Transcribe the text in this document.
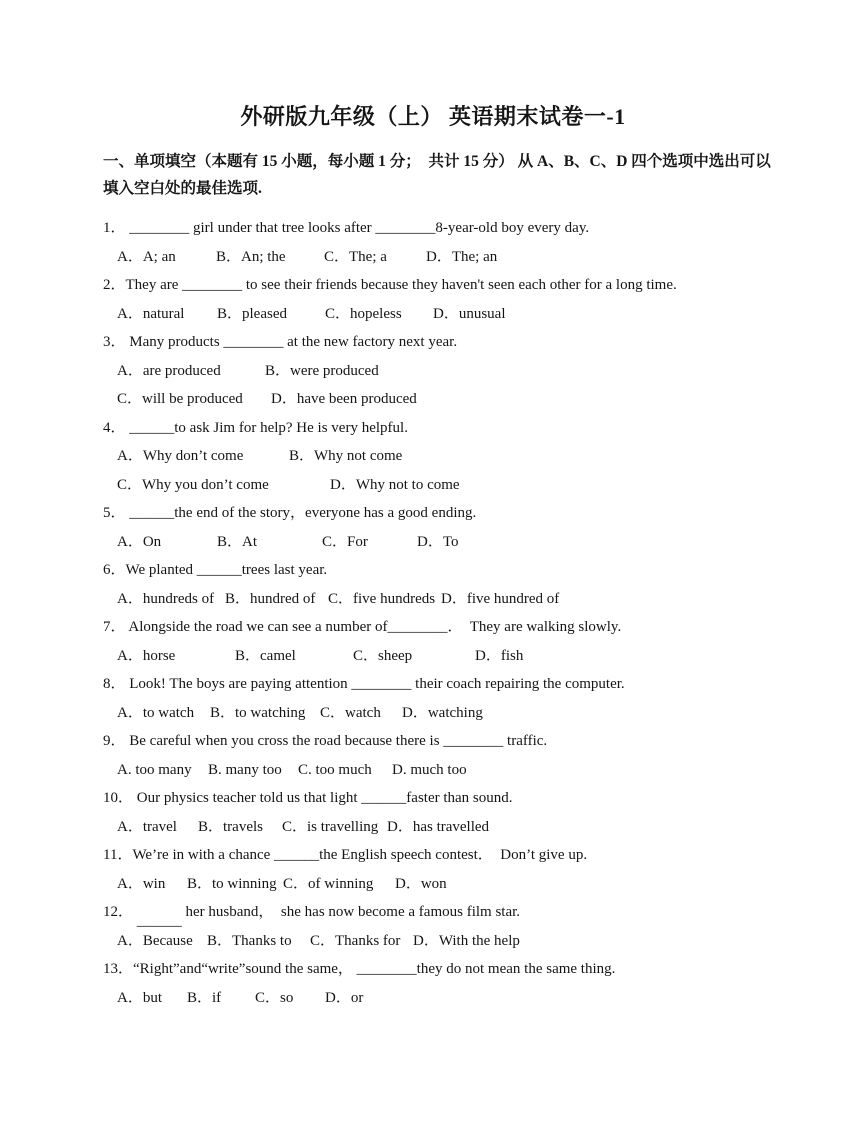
外研版九年级（上） 英语期末试卷一-1
一、单项填空（本题有 15 小题，每小题 1 分；  共计 15 分） 从 A、B、C、D 四个选项中选出可以填入空白处的最佳选项.
1． ________ girl under that tree looks after ________8-year-old boy every day.
A．A; an	B．An; the	C．The; a	D．The; an
2．They are ________ to see their friends because they haven't seen each other for a long time.
A．natural B．pleased	C．hopeless D．unusual
3． Many products ________ at the new factory next year.
A．are produced	B．were produced
C．will be produced D．have been produced
4． ______to ask Jim for help? He is very helpful.
A．Why don’t come	B．Why not come
C．Why you don’t come	D．Why not to come
5． ______the end of the story，everyone has a good ending.
A．On	B．At	C．For	D．To
6．We planted ______trees last year.
A．hundreds of B．hundred of C．five hundreds D．five hundred of
7． Alongside the road we can see a number of________．  They are walking slowly.
A．horse	B．camel	C．sheep	D．fish
8． Look! The boys are paying attention ________ their coach repairing the computer.
A．to watch B．to watching C．watch D．watching
9． Be careful when you cross the road because there is ________ traffic.
A. too many B. many too C. too much D. much too
10． Our physics teacher told us that light ______faster than sound.
A．travel B．travels C．is travelling D．has travelled
11．We’re in with a chance ______the English speech contest．  Don’t give up.
A．win B．to winning C．of winning D．won
12． ______ her husband，  she has now become a famous film star.
A．Because B．Thanks to C．Thanks for D．With the help
13．“Right”and“write”sound the same， ________they do not mean the same thing.
A．but B．if C．so D．or
